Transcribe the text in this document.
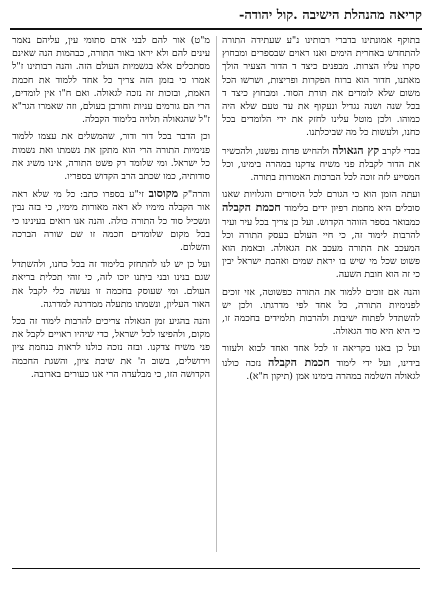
קריאה מהנהלת הישיבה .קול יהודה-

בתוקף אמונתינו בדברי רבותינו נ"ע שעתידה התורה להתחדש באחרית הימים ואנו ראוים שבספרים ומבחוץ סקרו עליו הצרות. מבפנים כיצד ד הדור הצעיר הולך מאתנו, חדור הוא ברוח הפקרות ופריצות, ושרשו הכל משום שלא לומדים את תורת הסוד. ומבחוץ כיצד ד בכל שנה ושנה נגדיל ונעקוף את עד טעם שלא היה כמוהו. ולכן מוטל עלינו לחזק את ידי הלומדים בכל כחנו, ולעשות כל מה שביכלתנו.

בכדי לקרב קץ הגאולה ולהחיש פדות נפשנו, ולהכשיר את הדור לקבלת פני משיח צדקנו במהרה בימינו, וכל המסייע לזה זוכה לכל הברכות האמורות בתורה.

ועתה הזמן הוא כי הגורם לכל היסורים והגלויות שאנו סובלים היא מחמת רפיון ידים בלימוד חכמת הקבלה כמבואר בספר הזוהר הקדוש. ועל כן צריך בכל עיר ועיר להרבות לימוד זה, כי חיי העולם בעסק התורה וכל המעכב את התורה מעכב את הגאולה. ובאמת הוא פשוט שכל מי שיש בו יראת שמים ואהבת ישראל יבין כי זה הוא חובת השעה.

והנה אם זוכים ללמוד את התורה כפשוטה, אזי זוכים לפנימיות התורה, כל אחד לפי מדרגתו. ולכן יש להשתדל לפתוח ישיבות ולהרבות תלמידים בחכמה זו, כי היא היא סוד הגאולה.

ועל כן באנו בקריאה זו לכל אחד ואחד לבוא ולעזור בידינו, ועל ידי לימוד חכמת הקבלה נזכה כולנו לגאולה השלמה במהרה בימינו אמן (תיקון ח"א).

מ"ט) אור להם לבני אדם סתומי עין, עליהם נאמר עינים להם ולא יראו באור התורה, כבהמות הנה שאינם מסתכלים אלא בגשמיות העולם הזה. והנה רבותינו ז"ל אמרו כי בזמן הזה צריך כל אחד ללמוד את חכמת האמת, ובזכות זה נזכה לגאולה. ואם ח"ו אין לומדים, הרי הם גורמים עניות וחורבן בעולם, וזה שאמרו הגר"א ז"ל שהגאולה תלויה בלימוד הקבלה.

וכן הדבר בכל דור ודור, שהמשלים את עצמו ללמוד פנימיות התורה הרי הוא מתקן את נשמתו ואת נשמות כל ישראל. ומי שלומד רק פשט התורה, אינו משיג את סודותיה, כמו שכתב הרב הקדוש בספריו.

והרה"ק מקוסוב זי"ע בספרו כתב: כל מי שלא ראה אור הקבלה מימיו לא ראה מאורות מימיו, כי בזה נבין ונשכיל סוד כל התורה כולה. והנה אנו רואים בעינינו כי בכל מקום שלומדים חכמה זו שם שורה הברכה והשלום.

ועל כן יש לנו להתחזק בלימוד זה בכל כחנו, ולהשתדל שגם בנינו ובני ביתנו יזכו לזה, כי זוהי תכלית בריאת העולם. ומי שעוסק בחכמה זו נעשה כלי לקבל את האור העליון, ונשמתו מתעלה ממדרגה למדרגה.

והנה בהגיע זמן הגאולה צריכים להרבות לימוד זה בכל מקום, ולהפיצו לכל ישראל, כדי שיהיו ראויים לקבל את פני משיח צדקנו. ובזה נזכה כולנו לראות בנחמת ציון וירושלים, בשוב ה' את שיבת ציון, והשגת החכמה הקדושה הזו, כי מבלעדה הרי אנו כעורים בארובה.
